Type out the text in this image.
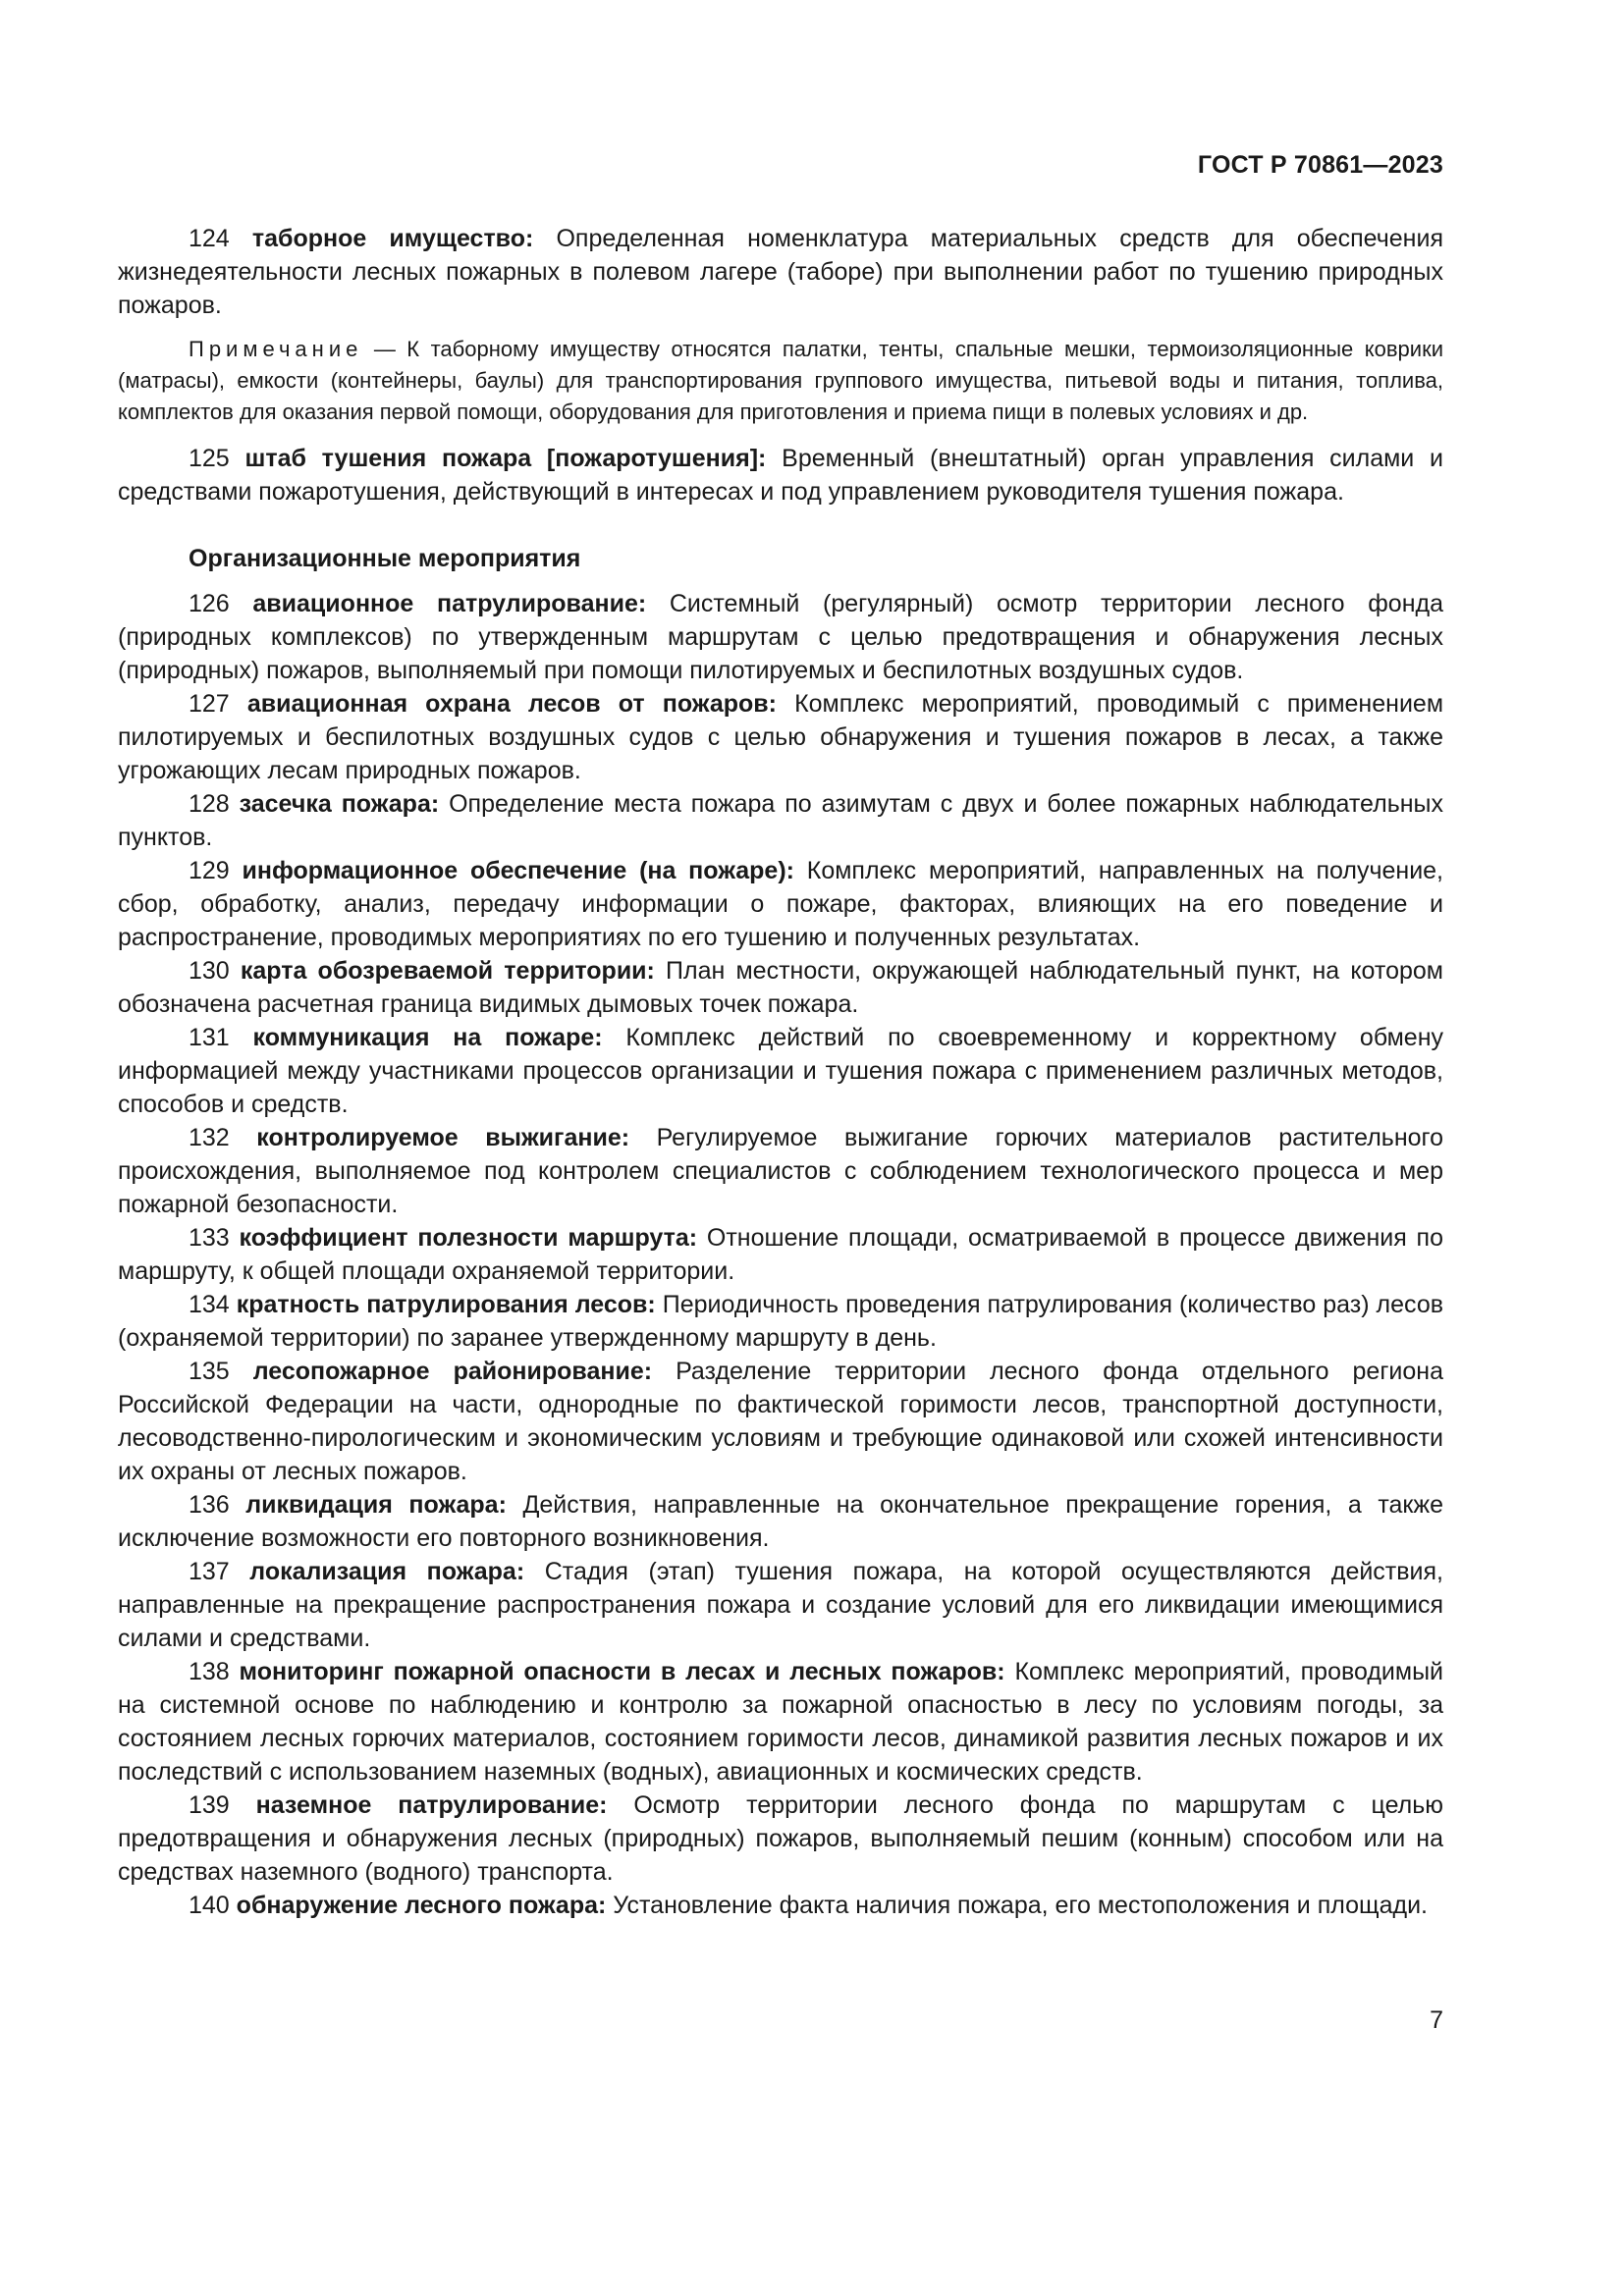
ГОСТ Р 70861—2023

124 таборное имущество: Определенная номенклатура материальных средств для обеспечения жизнедеятельности лесных пожарных в полевом лагере (таборе) при выполнении работ по тушению природных пожаров.

Примечание — К таборному имуществу относятся палатки, тенты, спальные мешки, термоизоляционные коврики (матрасы), емкости (контейнеры, баулы) для транспортирования группового имущества, питьевой воды и питания, топлива, комплектов для оказания первой помощи, оборудования для приготовления и приема пищи в полевых условиях и др.

125 штаб тушения пожара [пожаротушения]: Временный (внештатный) орган управления силами и средствами пожаротушения, действующий в интересах и под управлением руководителя тушения пожара.

Организационные мероприятия

126 авиационное патрулирование: Системный (регулярный) осмотр территории лесного фонда (природных комплексов) по утвержденным маршрутам с целью предотвращения и обнаружения лесных (природных) пожаров, выполняемый при помощи пилотируемых и беспилотных воздушных судов.

127 авиационная охрана лесов от пожаров: Комплекс мероприятий, проводимый с применением пилотируемых и беспилотных воздушных судов с целью обнаружения и тушения пожаров в лесах, а также угрожающих лесам природных пожаров.

128 засечка пожара: Определение места пожара по азимутам с двух и более пожарных наблюдательных пунктов.

129 информационное обеспечение (на пожаре): Комплекс мероприятий, направленных на получение, сбор, обработку, анализ, передачу информации о пожаре, факторах, влияющих на его поведение и распространение, проводимых мероприятиях по его тушению и полученных результатах.

130 карта обозреваемой территории: План местности, окружающей наблюдательный пункт, на котором обозначена расчетная граница видимых дымовых точек пожара.

131 коммуникация на пожаре: Комплекс действий по своевременному и корректному обмену информацией между участниками процессов организации и тушения пожара с применением различных методов, способов и средств.

132 контролируемое выжигание: Регулируемое выжигание горючих материалов растительного происхождения, выполняемое под контролем специалистов с соблюдением технологического процесса и мер пожарной безопасности.

133 коэффициент полезности маршрута: Отношение площади, осматриваемой в процессе движения по маршруту, к общей площади охраняемой территории.

134 кратность патрулирования лесов: Периодичность проведения патрулирования (количество раз) лесов (охраняемой территории) по заранее утвержденному маршруту в день.

135 лесопожарное районирование: Разделение территории лесного фонда отдельного региона Российской Федерации на части, однородные по фактической горимости лесов, транспортной доступности, лесоводственно-пирологическим и экономическим условиям и требующие одинаковой или схожей интенсивности их охраны от лесных пожаров.

136 ликвидация пожара: Действия, направленные на окончательное прекращение горения, а также исключение возможности его повторного возникновения.

137 локализация пожара: Стадия (этап) тушения пожара, на которой осуществляются действия, направленные на прекращение распространения пожара и создание условий для его ликвидации имеющимися силами и средствами.

138 мониторинг пожарной опасности в лесах и лесных пожаров: Комплекс мероприятий, проводимый на системной основе по наблюдению и контролю за пожарной опасностью в лесу по условиям погоды, за состоянием лесных горючих материалов, состоянием горимости лесов, динамикой развития лесных пожаров и их последствий с использованием наземных (водных), авиационных и космических средств.

139 наземное патрулирование: Осмотр территории лесного фонда по маршрутам с целью предотвращения и обнаружения лесных (природных) пожаров, выполняемый пешим (конным) способом или на средствах наземного (водного) транспорта.

140 обнаружение лесного пожара: Установление факта наличия пожара, его местоположения и площади.

7
